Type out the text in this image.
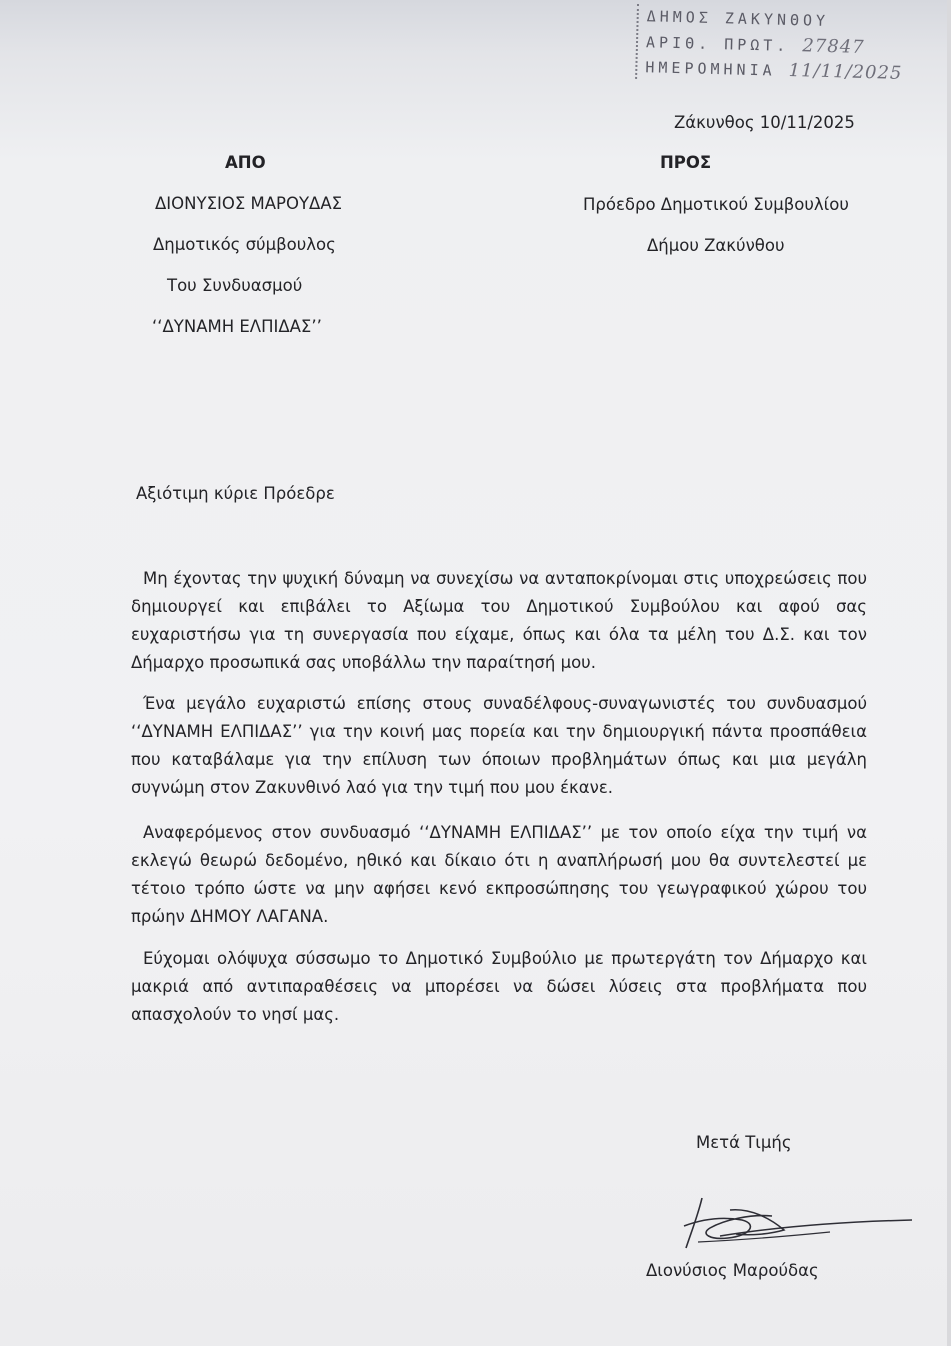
ΔΗΜΟΣ ΖΑΚΥΝΘΟΥ
ΑΡΙΘ. ΠΡΩΤ. 27847
ΗΜΕΡΟΜΗΝΙΑ 11/11/2025
Ζάκυνθος 10/11/2025
ΑΠΟ	ΠΡΟΣ
ΔΙΟΝΥΣΙΟΣ ΜΑΡΟΥΔΑΣ
Δημοτικός σύμβουλος
Του Συνδυασμού
‘‘ΔΥΝΑΜΗ ΕΛΠΙΔΑΣ’’
Πρόεδρο Δημοτικού Συμβουλίου
Δήμου Ζακύνθου
Αξιότιμη κύριε Πρόεδρε
Μη έχοντας την ψυχική δύναμη να συνεχίσω να ανταποκρίνομαι στις υποχρεώσεις που δημιουργεί και επιβάλει το Αξίωμα του Δημοτικού Συμβούλου και αφού σας ευχαριστήσω για τη συνεργασία που είχαμε, όπως και όλα τα μέλη του Δ.Σ. και τον Δήμαρχο προσωπικά σας υποβάλλω την παραίτησή μου.
Ένα μεγάλο ευχαριστώ επίσης στους συναδέλφους-συναγωνιστές του συνδυασμού ‘‘ΔΥΝΑΜΗ ΕΛΠΙΔΑΣ’’ για την κοινή μας πορεία και την δημιουργική πάντα προσπάθεια που καταβάλαμε για την επίλυση των όποιων προβλημάτων όπως και μια μεγάλη συγνώμη στον Ζακυνθινό λαό για την τιμή που μου έκανε.
Αναφερόμενος στον συνδυασμό ‘‘ΔΥΝΑΜΗ ΕΛΠΙΔΑΣ’’ με τον οποίο είχα την τιμή να εκλεγώ θεωρώ δεδομένο, ηθικό και δίκαιο ότι η αναπλήρωσή μου θα συντελεστεί με τέτοιο τρόπο ώστε να μην αφήσει κενό εκπροσώπησης του γεωγραφικού χώρου του πρώην ΔΗΜΟΥ ΛΑΓΑΝΑ.
Εύχομαι ολόψυχα σύσσωμο το Δημοτικό Συμβούλιο με πρωτεργάτη τον Δήμαρχο και μακριά από αντιπαραθέσεις να μπορέσει να δώσει λύσεις στα προβλήματα που απασχολούν το νησί μας.
Μετά Τιμής
Διονύσιος Μαρούδας
